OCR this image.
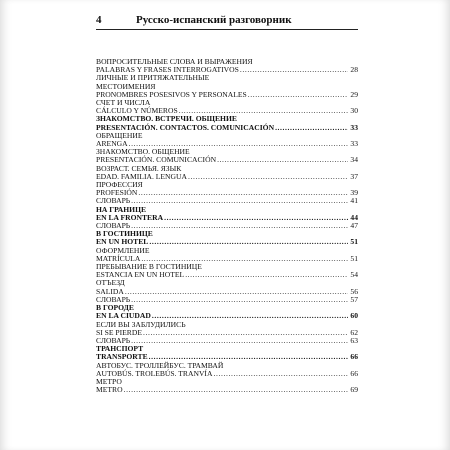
4	Русско-испанский разговорник
ВОПРОСИТЕЛЬНЫЕ СЛОВА И ВЫРАЖЕНИЯ
PALABRAS Y FRASES INTERROGATIVOS .....	28
ЛИЧНЫЕ И ПРИТЯЖАТЕЛЬНЫЕ
МЕСТОИМЕНИЯ
PRONOMBRES POSESIVOS Y PERSONALES .....	29
СЧЕТ И ЧИСЛА
CÁLCULO Y NÚMEROS .....	30
ЗНАКОМСТВО. ВСТРЕЧИ. ОБЩЕНИЕ
PRESENTACIÓN. CONTACTOS. COMUNICACIÓN .....	33
ОБРАЩЕНИЕ
ARENGA .....	33
ЗНАКОМСТВО. ОБЩЕНИЕ
PRESENTACIÓN. COMUNICACIÓN .....	34
ВОЗРАСТ. СЕМЬЯ. ЯЗЫК
EDAD. FAMILIA. LENGUA .....	37
ПРОФЕССИЯ
PROFESIÓN .....	39
СЛОВАРЬ .....	41
НА ГРАНИЦЕ
EN LA FRONTERA .....	44
СЛОВАРЬ .....	47
В ГОСТИНИЦЕ
EN UN HOTEL .....	51
ОФОРМЛЕНИЕ
MATRÍCULA .....	51
ПРЕБЫВАНИЕ В ГОСТИНИЦЕ
ESTANCIA EN UN HOTEL .....	54
ОТЪЕЗД
SALIDA .....	56
СЛОВАРЬ .....	57
В ГОРОДЕ
EN LA CIUDAD .....	60
ЕСЛИ ВЫ ЗАБЛУДИЛИСЬ
SI SE PIERDE .....	62
СЛОВАРЬ .....	63
ТРАНСПОРТ
TRANSPORTE .....	66
АВТОБУС. ТРОЛЛЕЙБУС. ТРАМВАЙ
AUTOBÚS. TROLEBÚS. TRANVÍA .....	66
МЕТРО
METRO .....	69
